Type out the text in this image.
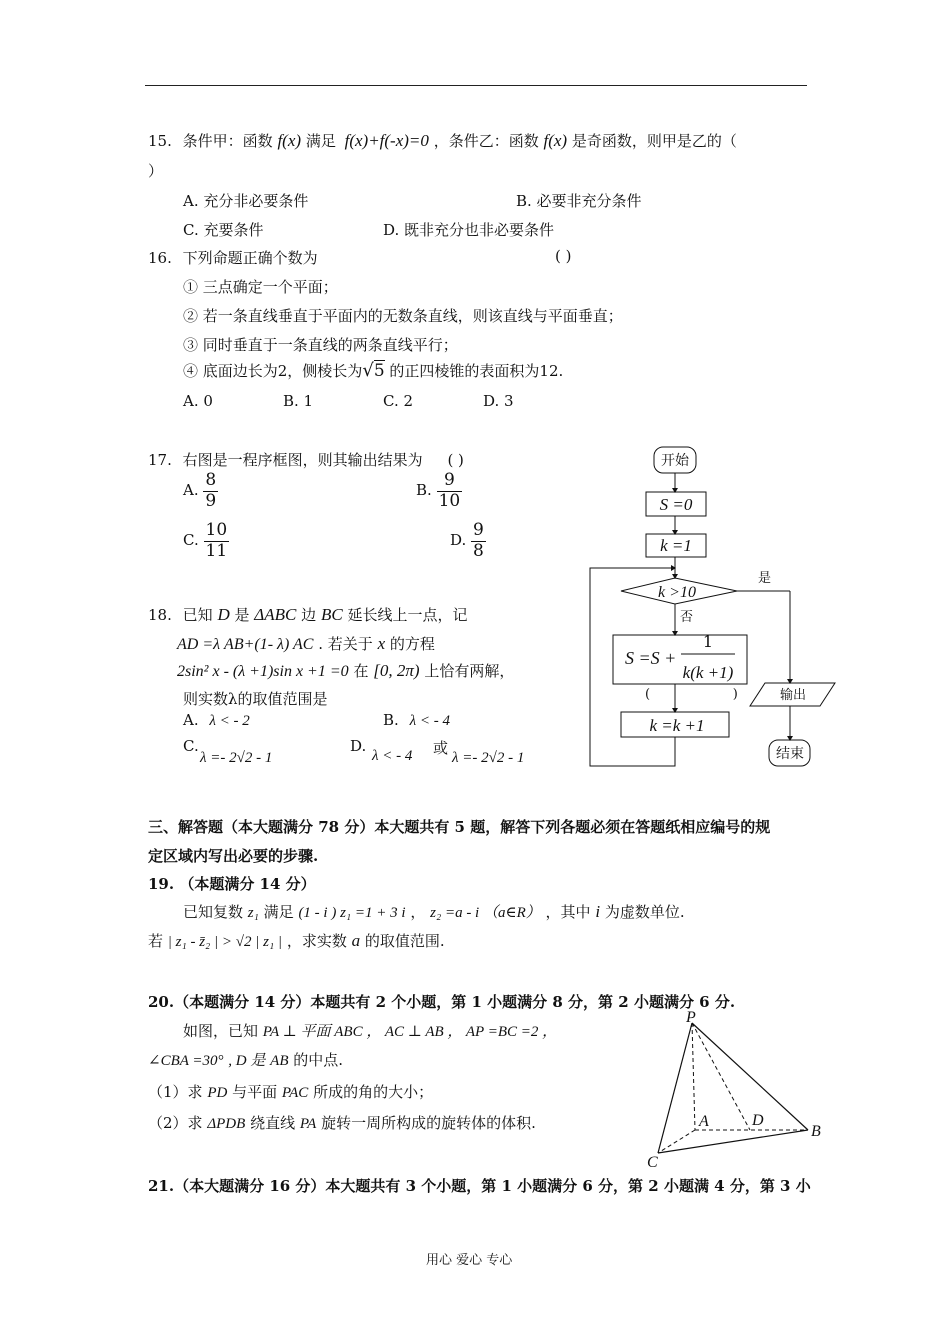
15. 条件甲：函数 f(x) 满足 f(x)+f(-x)=0 ，条件乙：函数 f(x) 是奇函数，则甲是乙的（
）
A. 充分非必要条件	B. 必要非充分条件
C. 充要条件	D. 既非充分也非必要条件
16. 下列命题正确个数为	( )
① 三点确定一个平面；
② 若一条直线垂直于平面内的无数条直线，则该直线与平面垂直；
③ 同时垂直于一条直线的两条直线平行；
④ 底面边长为2，侧棱长为√5 的正四棱锥的表面积为12.
A. 0	B. 1	C. 2	D. 3
17. 右图是一程序框图，则其输出结果为 ( )
A. $\frac{8}{9}$	B. $\frac{9}{10}$
C. $\frac{10}{11}$	D. $\frac{9}{8}$
开始
S =0
k =1
k >10
是
否
S =S +
1
k(k +1)
(                    )	输出
k =k +1
结束
18. 已知 D 是 ΔABC 边 BC 延长线上一点，记
AD =λ AB+(1- λ) AC . 若关于 x 的方程
2sin² x - (λ +1)sin x +1 =0 在 [0, 2π) 上恰有两解，
则实数λ的取值范围是
A. λ < - 2	B. λ < - 4
C.
λ =- 2√2 - 1
D.
λ < - 4 或
λ =- 2√2 - 1
三、解答题（本大题满分 78 分）本大题共有 5 题，解答下列各题必须在答题纸相应编号的规
定区域内写出必要的步骤.
19. （本题满分 14 分）
已知复数 z₁ 满足 (1 - i ) z₁ =1 + 3 i ， z₂ =a - i （a∈R） ，其中 i 为虚数单位.
若 | z₁ - z̄₂ | > √2 | z₁ | ，求实数 a 的取值范围.
20.（本题满分 14 分）本题共有 2 个小题，第 1 小题满分 8 分，第 2 小题满分 6 分.
如图，已知 PA ⊥ 平面 ABC ， AC ⊥ AB ， AP =BC =2 ，
∠CBA =30° , D 是 AB 的中点.
（1）求 PD 与平面 PAC 所成的角的大小；
（2）求 ΔPDB 绕直线 PA 旋转一周所构成的旋转体的体积.
P
A	D
B
C
21.（本大题满分 16 分）本大题共有 3 个小题，第 1 小题满分 6 分，第 2 小题满 4 分，第 3 小
用心 爱心 专心
